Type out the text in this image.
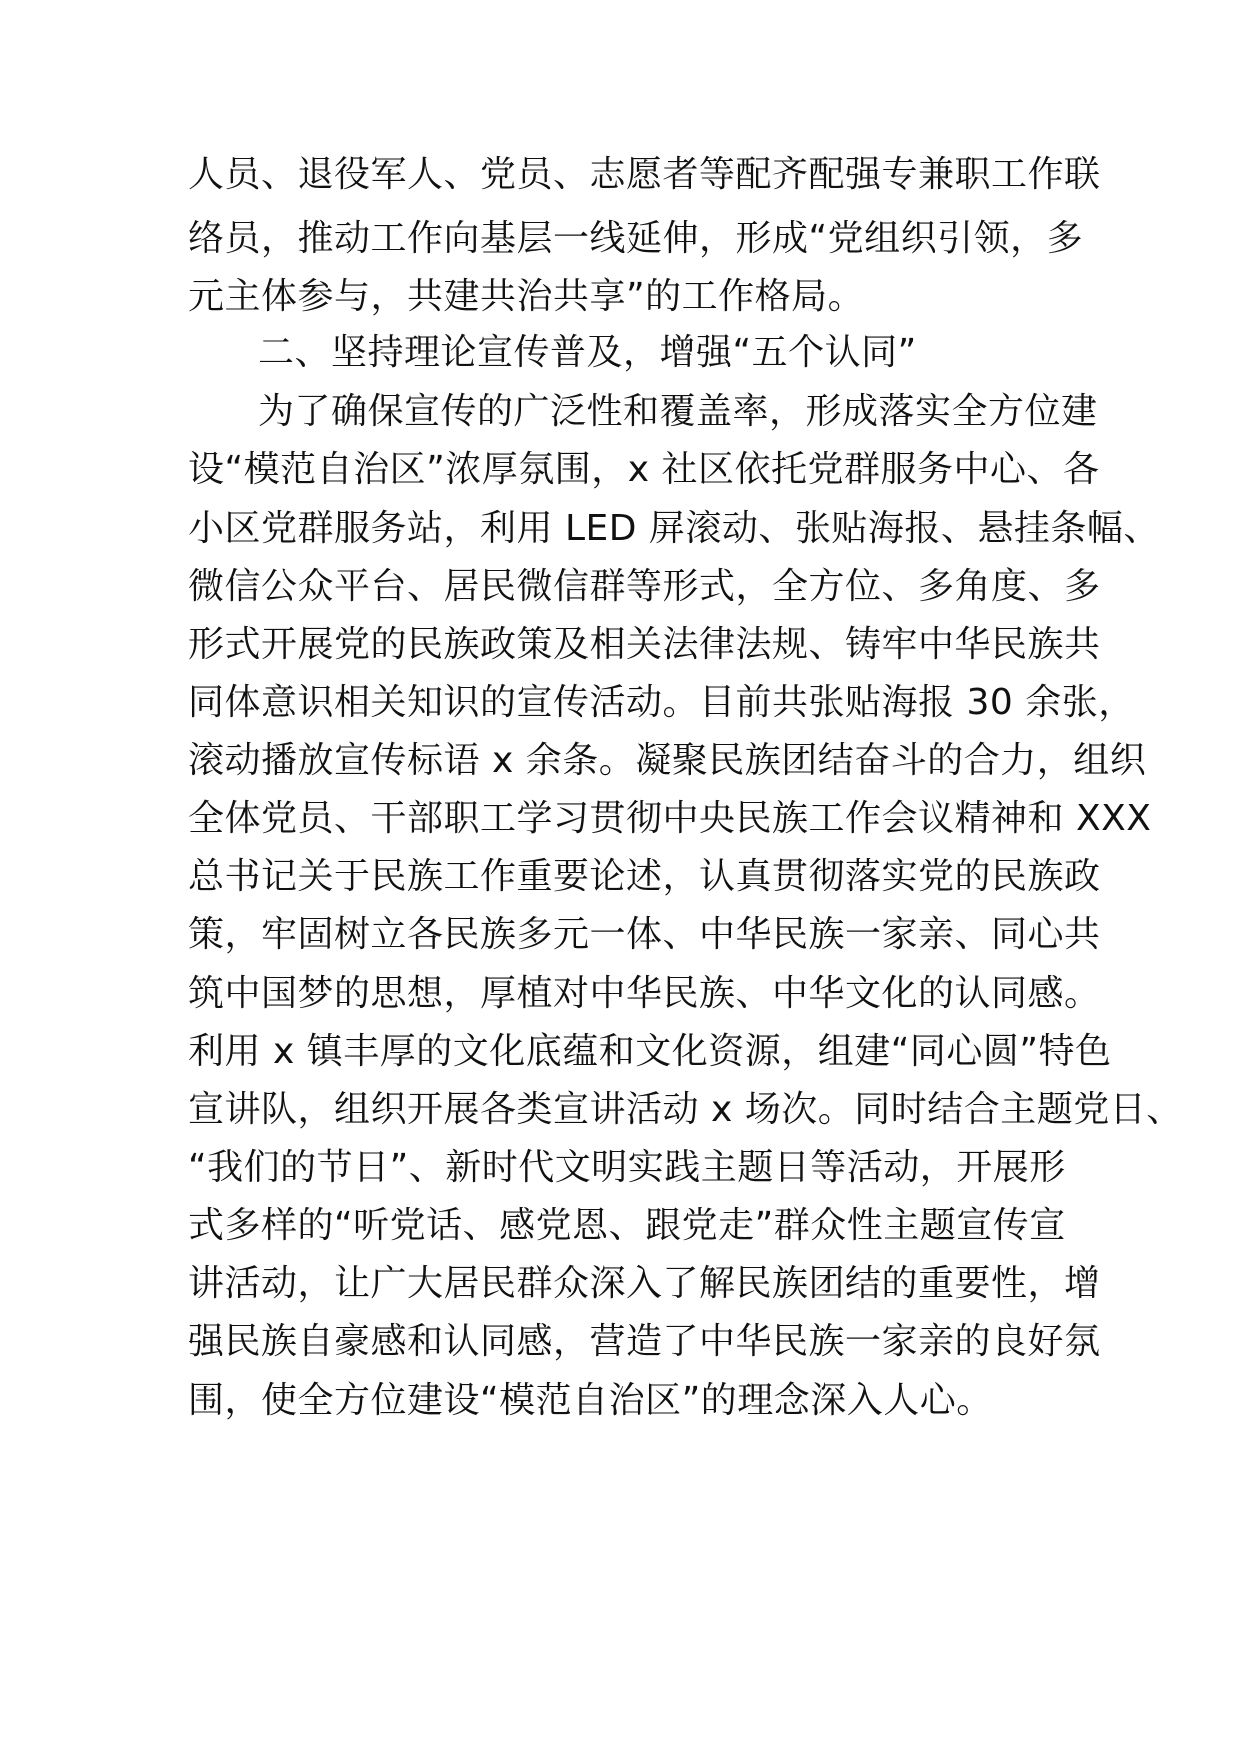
人员、退役军人、党员、志愿者等配齐配强专兼职工作联
络员，推动工作向基层一线延伸，形成“党组织引领，多
元主体参与，共建共治共享”的工作格局。
二、坚持理论宣传普及，增强“五个认同”
为了确保宣传的广泛性和覆盖率，形成落实全方位建
设“模范自治区”浓厚氛围，x 社区依托党群服务中心、各
小区党群服务站，利用 LED 屏滚动、张贴海报、悬挂条幅、
微信公众平台、居民微信群等形式，全方位、多角度、多
形式开展党的民族政策及相关法律法规、铸牢中华民族共
同体意识相关知识的宣传活动。目前共张贴海报 30 余张，
滚动播放宣传标语 x 余条。凝聚民族团结奋斗的合力，组织
全体党员、干部职工学习贯彻中央民族工作会议精神和 XXX
总书记关于民族工作重要论述，认真贯彻落实党的民族政
策，牢固树立各民族多元一体、中华民族一家亲、同心共
筑中国梦的思想，厚植对中华民族、中华文化的认同感。
利用 x 镇丰厚的文化底蕴和文化资源，组建“同心圆”特色
宣讲队，组织开展各类宣讲活动 x 场次。同时结合主题党日、
“我们的节日”、新时代文明实践主题日等活动，开展形
式多样的“听党话、感党恩、跟党走”群众性主题宣传宣
讲活动，让广大居民群众深入了解民族团结的重要性，增
强民族自豪感和认同感，营造了中华民族一家亲的良好氛
围，使全方位建设“模范自治区”的理念深入人心。
